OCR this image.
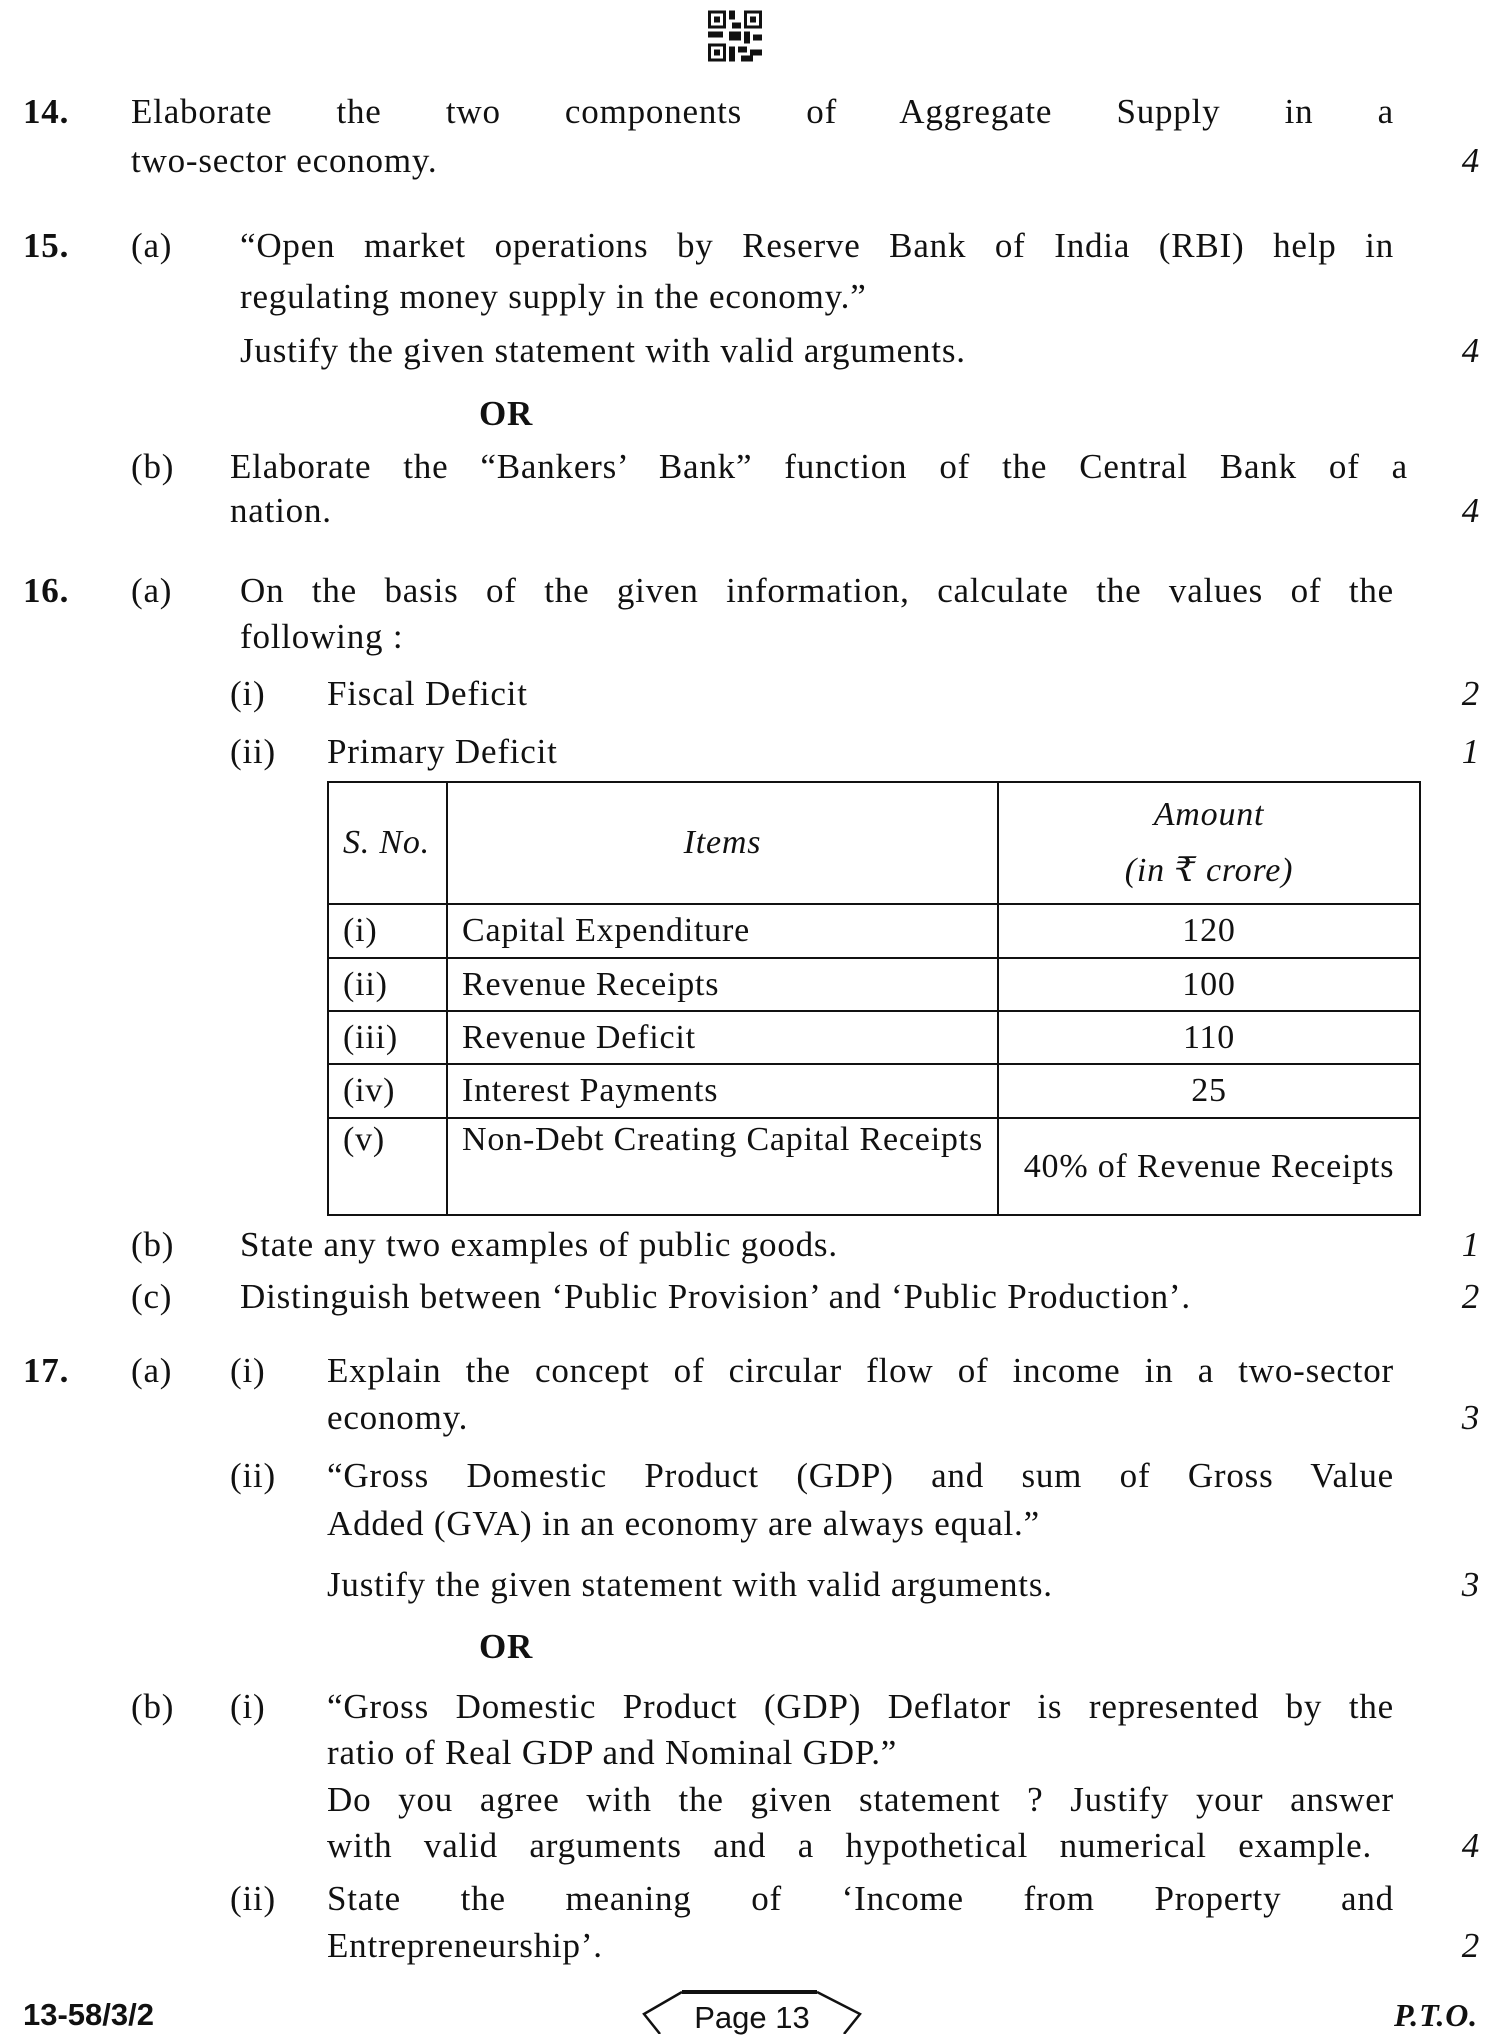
14. Elaborate the two components of Aggregate Supply in a
two-sector economy.	4
15. (a) “Open market operations by Reserve Bank of India (RBI) help in
regulating money supply in the economy.”
Justify the given statement with valid arguments.	4
OR
(b) Elaborate the “Bankers’ Bank” function of the Central Bank of a
nation.	4
16. (a) On the basis of the given information, calculate the values of the
following :
(i) Fiscal Deficit	2
(ii) Primary Deficit	1
S. No.	Items	Amount
(in ₹ crore)

(i)	Capital Expenditure	120
(ii)	Revenue Receipts	100
(iii)	Revenue Deficit	110
(iv)	Interest Payments	25
(v)	Non-Debt Creating Capital Receipts	40% of Revenue Receipts
(b) State any two examples of public goods.	1
(c) Distinguish between ‘Public Provision’ and ‘Public Production’.	2
17. (a) (i) Explain the concept of circular flow of income in a two-sector
economy.	3
(ii) “Gross Domestic Product (GDP) and sum of Gross Value
Added (GVA) in an economy are always equal.”
Justify the given statement with valid arguments.	3
OR
(b) (i) “Gross Domestic Product (GDP) Deflator is represented by the
ratio of Real GDP and Nominal GDP.”
Do you agree with the given statement ? Justify your answer
with valid arguments and a hypothetical numerical example.	4
(ii) State the meaning of ‘Income from Property and
Entrepreneurship’.	2
13-58/3/2	Page 13	P.T.O.
